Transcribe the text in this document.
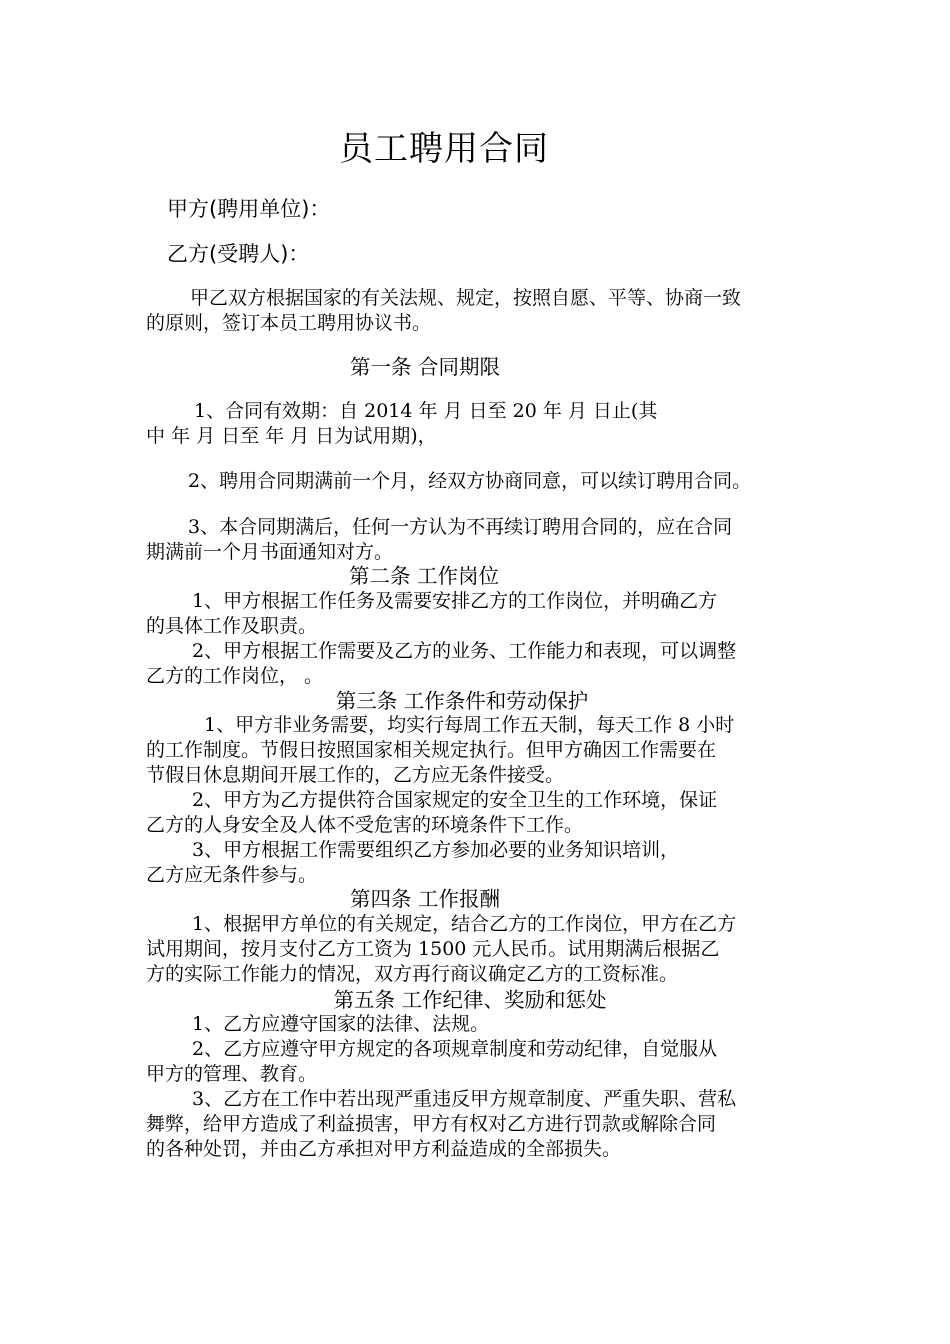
员工聘用合同
甲方(聘用单位)：
乙方(受聘人)：
甲乙双方根据国家的有关法规、规定，按照自愿、平等、协商一致
的原则，签订本员工聘用协议书。
第一条 合同期限
1、合同有效期：自 2014 年 月 日至 20 年 月 日止(其
中 年 月 日至 年 月 日为试用期)，
2、聘用合同期满前一个月，经双方协商同意，可以续订聘用合同。
3、本合同期满后，任何一方认为不再续订聘用合同的，应在合同
期满前一个月书面通知对方。
第二条 工作岗位
1、甲方根据工作任务及需要安排乙方的工作岗位，并明确乙方
的具体工作及职责。
2、甲方根据工作需要及乙方的业务、工作能力和表现，可以调整
乙方的工作岗位， 。
第三条 工作条件和劳动保护
1、甲方非业务需要，均实行每周工作五天制，每天工作 8 小时
的工作制度。节假日按照国家相关规定执行。但甲方确因工作需要在
节假日休息期间开展工作的，乙方应无条件接受。
2、甲方为乙方提供符合国家规定的安全卫生的工作环境，保证
乙方的人身安全及人体不受危害的环境条件下工作。
3、甲方根据工作需要组织乙方参加必要的业务知识培训，
乙方应无条件参与。
第四条 工作报酬
1、根据甲方单位的有关规定，结合乙方的工作岗位，甲方在乙方
试用期间，按月支付乙方工资为 1500 元人民币。试用期满后根据乙
方的实际工作能力的情况，双方再行商议确定乙方的工资标准。
第五条 工作纪律、奖励和惩处
1、乙方应遵守国家的法律、法规。
2、乙方应遵守甲方规定的各项规章制度和劳动纪律，自觉服从
甲方的管理、教育。
3、乙方在工作中若出现严重违反甲方规章制度、严重失职、营私
舞弊，给甲方造成了利益损害，甲方有权对乙方进行罚款或解除合同
的各种处罚，并由乙方承担对甲方利益造成的全部损失。
